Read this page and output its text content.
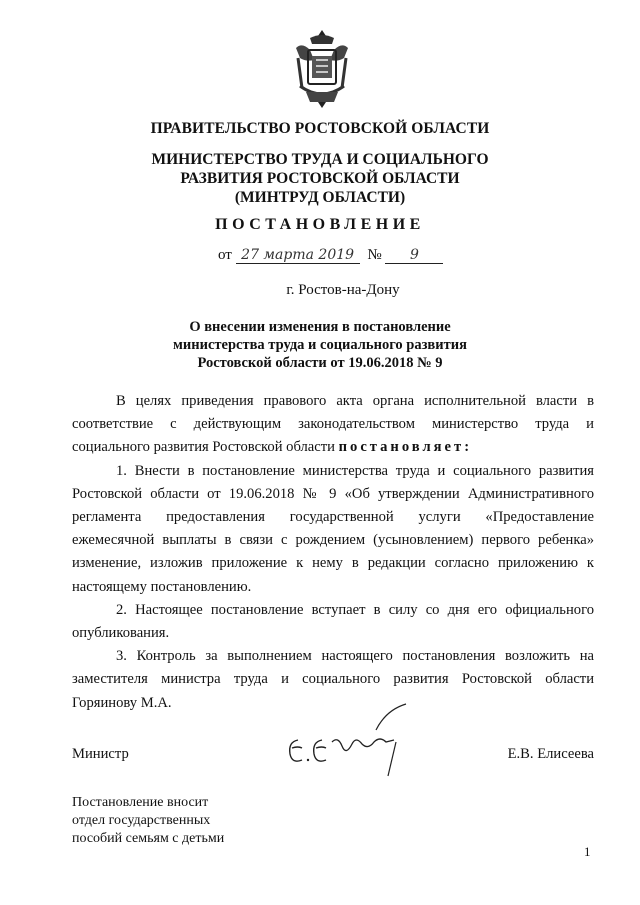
ПРАВИТЕЛЬСТВО РОСТОВСКОЙ ОБЛАСТИ
МИНИСТЕРСТВО ТРУДА И СОЦИАЛЬНОГО
РАЗВИТИЯ РОСТОВСКОЙ ОБЛАСТИ
(МИНТРУД ОБЛАСТИ)
ПОСТАНОВЛЕНИЕ
от 27 марта 2019 № 9
г. Ростов-на-Дону
О внесении изменения в постановление
министерства труда и социального развития
Ростовской области от 19.06.2018 № 9

В целях приведения правового акта органа исполнительной власти в соответствие с действующим законодательством министерство труда и социального развития Ростовской области постановляет:

1. Внести в постановление министерства труда и социального развития Ростовской области от 19.06.2018 № 9 «Об утверждении Административного регламента предоставления государственной услуги «Предоставление ежемесячной выплаты в связи с рождением (усыновлением) первого ребенка» изменение, изложив приложение к нему в редакции согласно приложению к настоящему постановлению.

2. Настоящее постановление вступает в силу со дня его официального опубликования.

3. Контроль за выполнением настоящего постановления возложить на заместителя министра труда и социального развития Ростовской области Горяинову М.А.

Министр	Е.В. Елисеева
Постановление вносит
отдел государственных
пособий семьям с детьми
1
